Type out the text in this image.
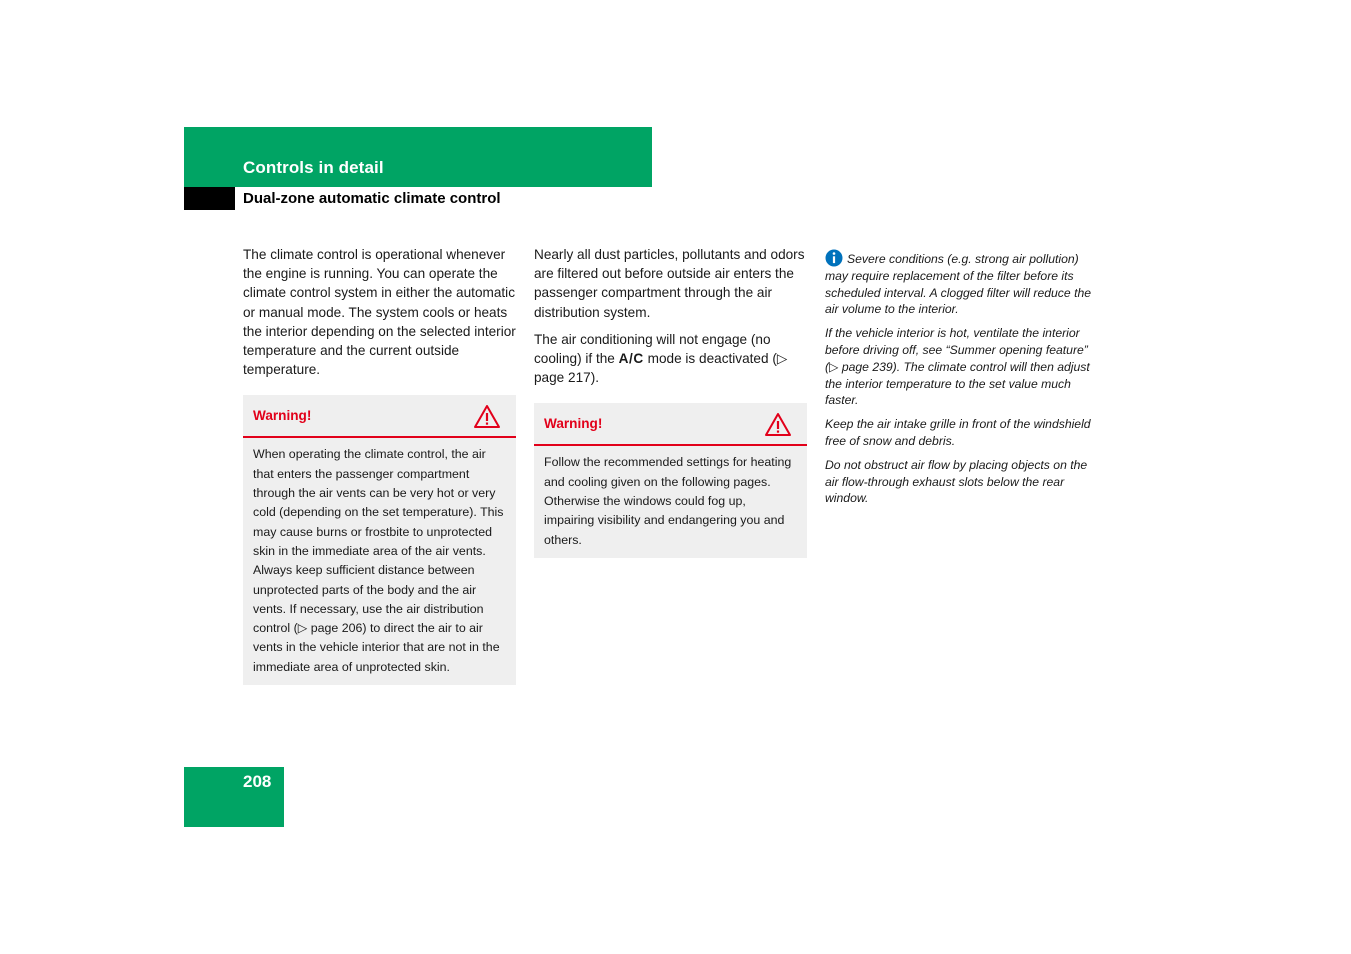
Controls in detail
Dual-zone automatic climate control

The climate control is operational whenever the engine is running. You can operate the climate control system in either the automatic or manual mode. The system cools or heats the interior depending on the selected interior temperature and the current outside temperature.

Warning!
When operating the climate control, the air that enters the passenger compartment through the air vents can be very hot or very cold (depending on the set temperature). This may cause burns or frostbite to unprotected skin in the immediate area of the air vents. Always keep sufficient distance between unprotected parts of the body and the air vents. If necessary, use the air distribution control (▷ page 206) to direct the air to air vents in the vehicle interior that are not in the immediate area of unprotected skin.

Nearly all dust particles, pollutants and odors are filtered out before outside air enters the passenger compartment through the air distribution system.

The air conditioning will not engage (no cooling) if the A/C mode is deactivated (▷ page 217).

Warning!
Follow the recommended settings for heating and cooling given on the following pages. Otherwise the windows could fog up, impairing visibility and endangering you and others.

Severe conditions (e.g. strong air pollution) may require replacement of the filter before its scheduled interval. A clogged filter will reduce the air volume to the interior.

If the vehicle interior is hot, ventilate the interior before driving off, see “Summer opening feature” (▷ page 239). The climate control will then adjust the interior temperature to the set value much faster.

Keep the air intake grille in front of the windshield free of snow and debris.

Do not obstruct air flow by placing objects on the air flow-through exhaust slots below the rear window.

208
